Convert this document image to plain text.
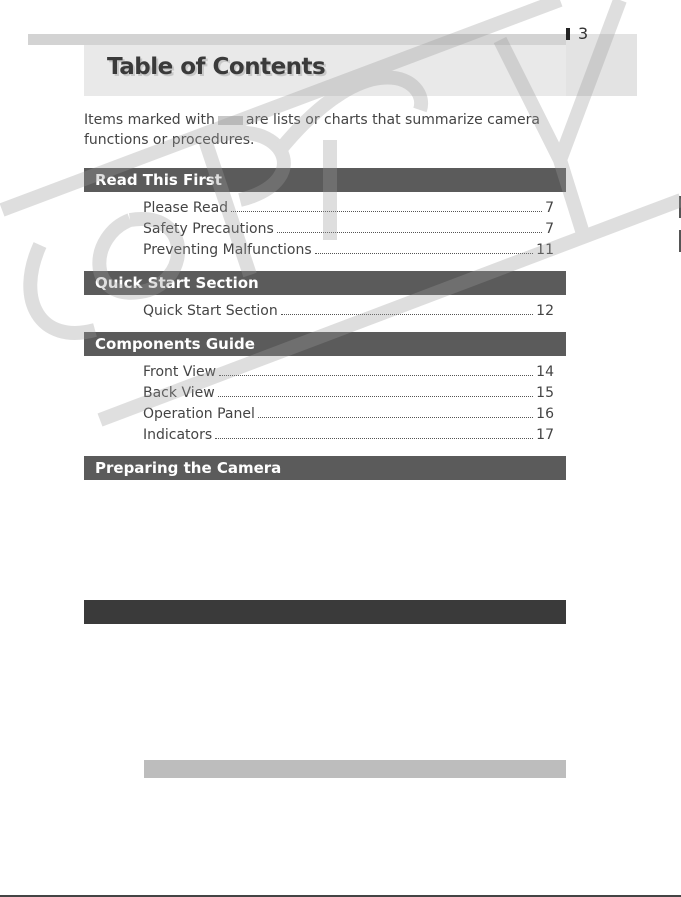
3
Table of Contents
Items marked with are lists or charts that summarize camera functions or procedures.
Read This First
Please Read	7
Safety Precautions	7
Preventing Malfunctions	11
Quick Start Section
Quick Start Section	12
Components Guide
Front View	14
Back View	15
Operation Panel	16
Indicators	17
Preparing the Camera
